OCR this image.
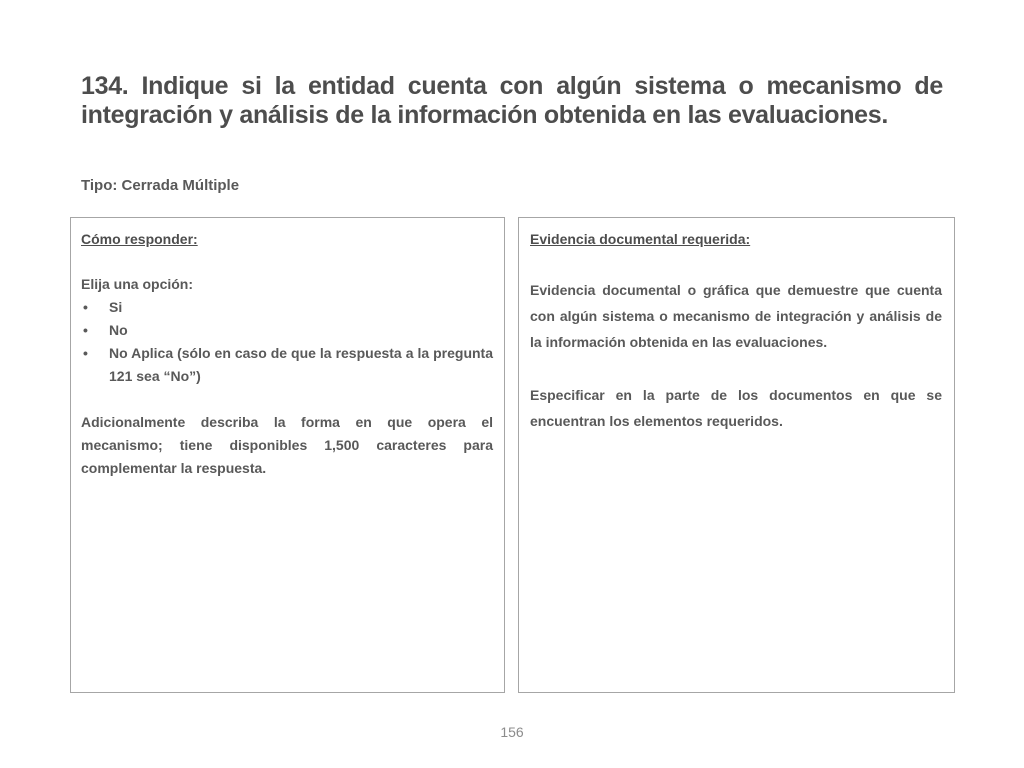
134. Indique si la entidad cuenta con algún sistema o mecanismo de integración y análisis de la información obtenida en las evaluaciones.

Tipo: Cerrada Múltiple

Cómo responder:

Elija una opción:

• Si
• No
• No Aplica (sólo en caso de que la respuesta a la pregunta 121 sea “No”)

Adicionalmente describa la forma en que opera el mecanismo; tiene disponibles 1,500 caracteres para complementar la respuesta.

Evidencia documental requerida:

Evidencia documental o gráfica que demuestre que cuenta con algún sistema o mecanismo de integración y análisis de la información obtenida en las evaluaciones.

Especificar en la parte de los documentos en que se encuentran los elementos requeridos.

156
